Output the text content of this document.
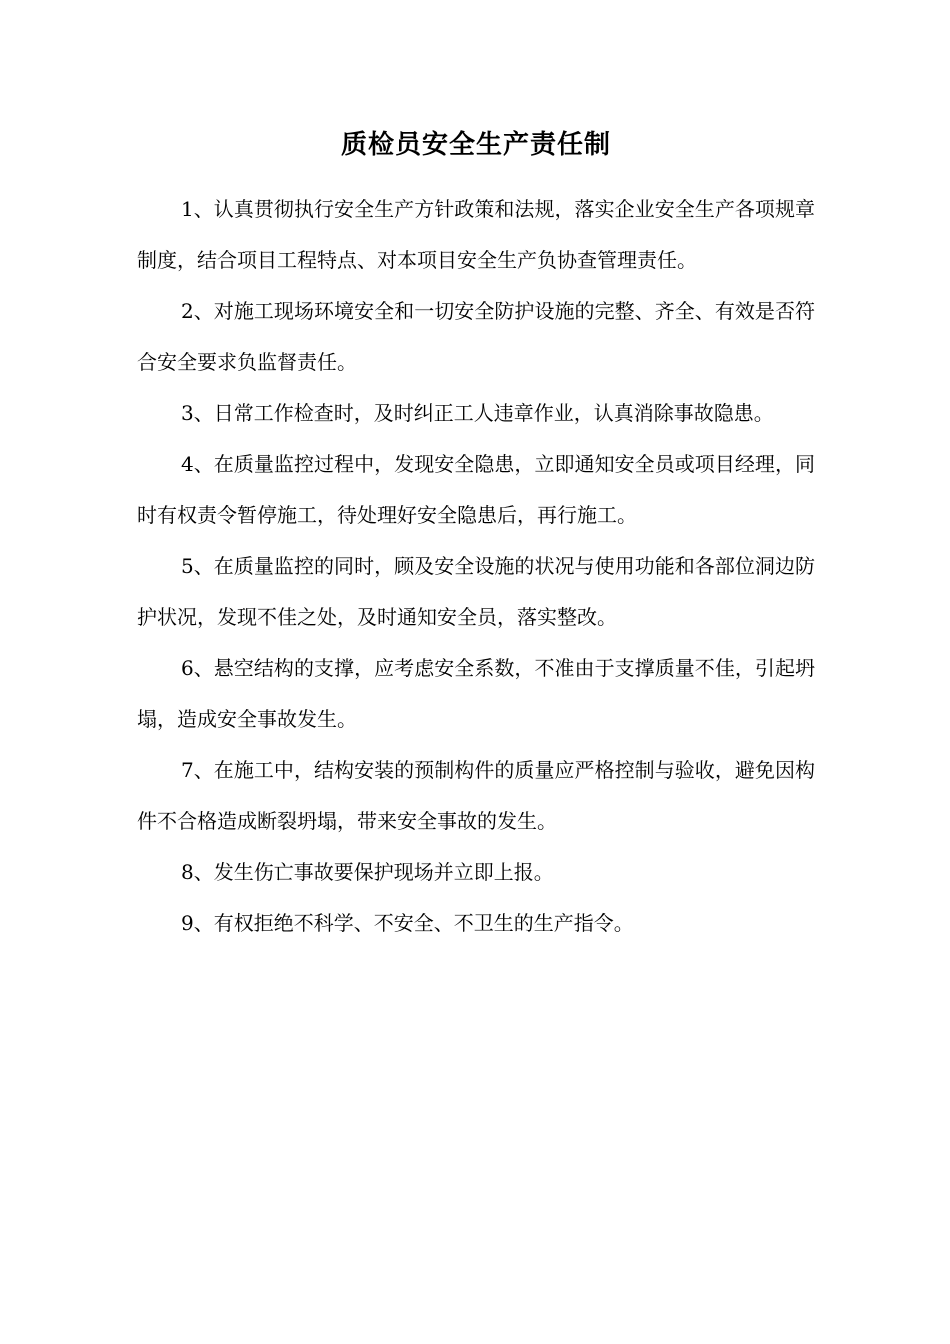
质检员安全生产责任制

1、认真贯彻执行安全生产方针政策和法规，落实企业安全生产各项规章 制度，结合项目工程特点、对本项目安全生产负协查管理责任。

2、对施工现场环境安全和一切安全防护设施的完整、齐全、有效是否符 合安全要求负监督责任。

3、日常工作检查时，及时纠正工人违章作业，认真消除事故隐患。

4、在质量监控过程中，发现安全隐患，立即通知安全员或项目经理，同 时有权责令暂停施工，待处理好安全隐患后，再行施工。

5、在质量监控的同时，顾及安全设施的状况与使用功能和各部位洞边防 护状况，发现不佳之处，及时通知安全员，落实整改。

6、悬空结构的支撑，应考虑安全系数，不准由于支撑质量不佳，引起坍 塌，造成安全事故发生。

7、在施工中，结构安装的预制构件的质量应严格控制与验收，避免因构 件不合格造成断裂坍塌，带来安全事故的发生。

8、发生伤亡事故要保护现场并立即上报。

9、有权拒绝不科学、不安全、不卫生的生产指令。
